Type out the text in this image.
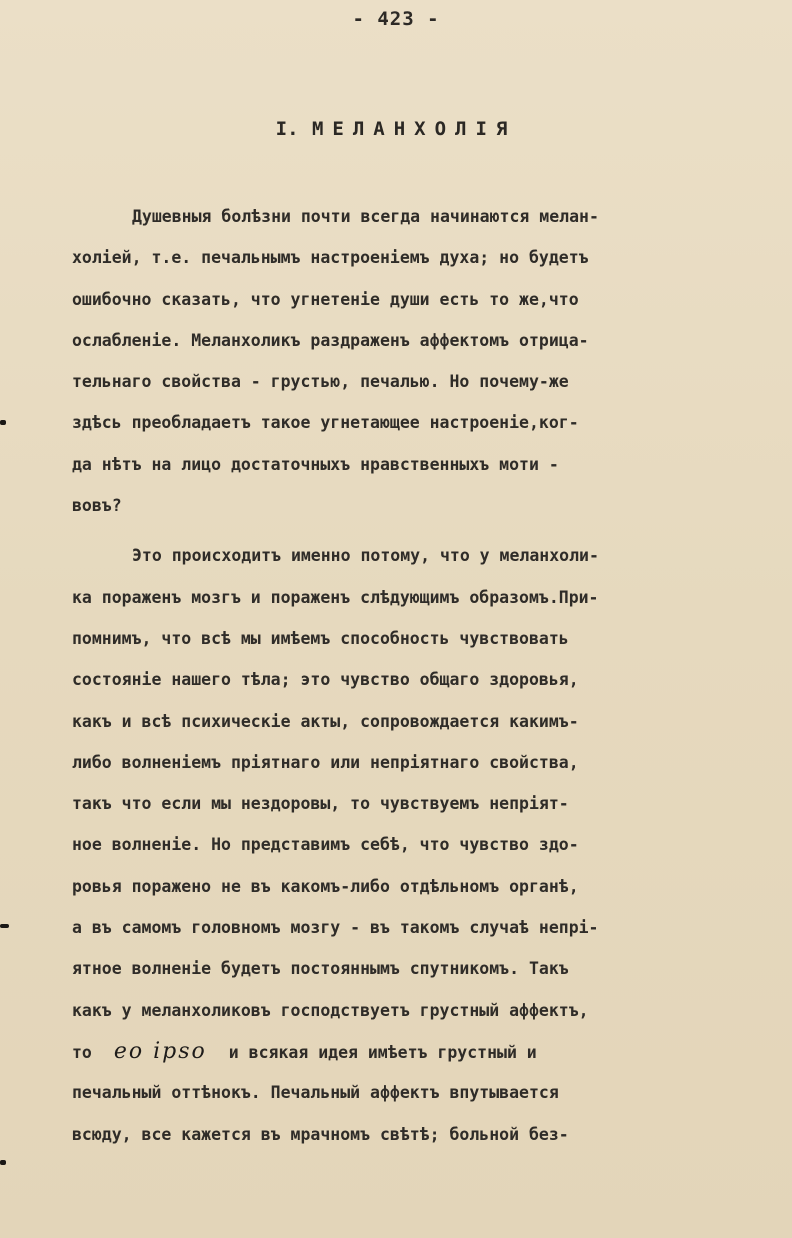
- 423 -
I. МЕЛАНХОЛІЯ
Душевныя болѣзни почти всегда начинаются мелан-
холіей, т.е. печальнымъ настроеніемъ духа; но будетъ
ошибочно сказать, что угнетеніе души есть то же,что
ослабленіе. Меланхоликъ раздраженъ аффектомъ отрица-
тельнаго свойства - грустью, печалью. Но почему-же
здѣсь преобладаетъ такое угнетающее настроеніе,ког-
да нѣтъ на лицо достаточныхъ нравственныхъ моти -
вовъ?
Это происходитъ именно потому, что у меланхоли-
ка пораженъ мозгъ и пораженъ слѣдующимъ образомъ.При-
помнимъ, что всѣ мы имѣемъ способность чувствовать
состояніе нашего тѣла; это чувство общаго здоровья,
какъ и всѣ психическіе акты, сопровождается какимъ-
либо волненіемъ пріятнаго или непріятнаго свойства,
такъ что если мы нездоровы, то чувствуемъ непріят-
ное волненіе. Но представимъ себѣ, что чувство здо-
ровья поражено не въ какомъ-либо отдѣльномъ органѣ,
а въ самомъ головномъ мозгу - въ такомъ случаѣ непрі-
ятное волненіе будетъ постояннымъ спутникомъ. Такъ
какъ у меланхоликовъ господствуетъ грустный аффектъ,
то eo ipso и всякая идея имѣетъ грустный и
печальный оттѣнокъ. Печальный аффектъ впутывается
всюду, все кажется въ мрачномъ свѣтѣ; больной без-
